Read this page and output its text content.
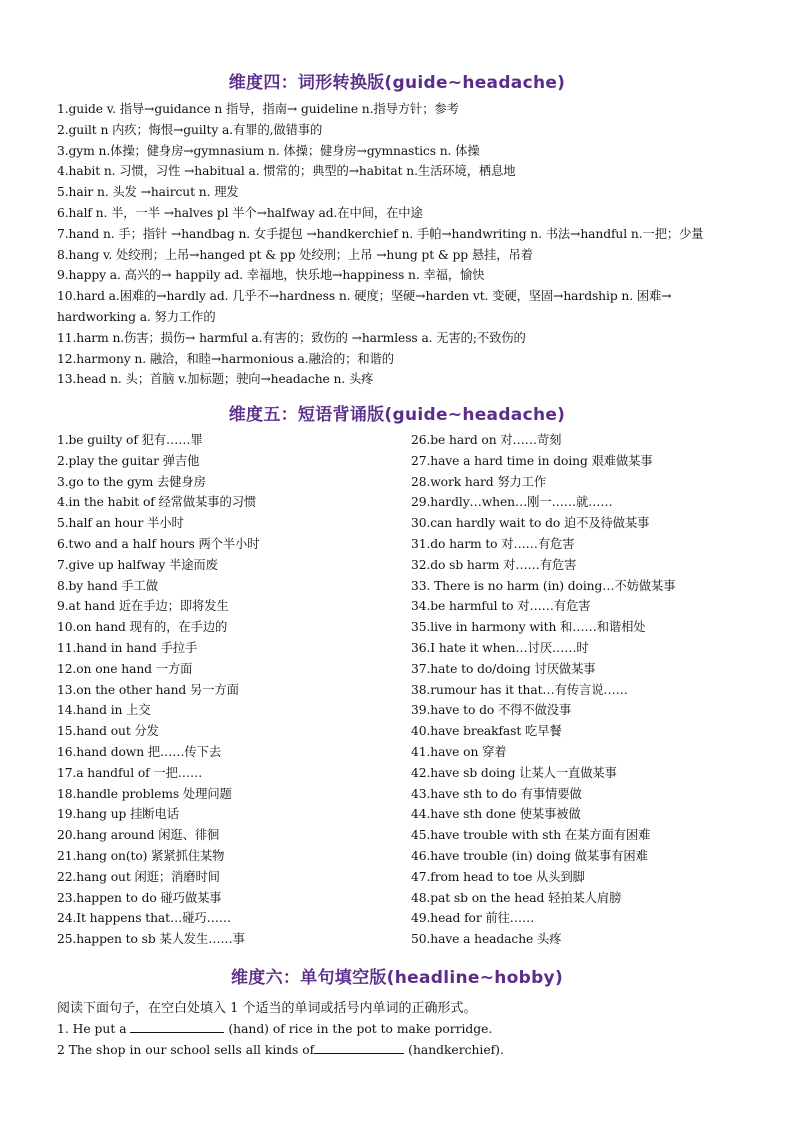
维度四：词形转换版(guide~headache)
1.guide v. 指导→guidance n 指导，指南→ guideline n.指导方针；参考
2.guilt n 内疚；悔恨→guilty a.有罪的,做错事的
3.gym n.体操；健身房→gymnasium n. 体操；健身房→gymnastics n. 体操
4.habit n. 习惯，习性 →habitual a. 惯常的；典型的→habitat n.生活环境，栖息地
5.hair n. 头发 →haircut n. 理发
6.half n. 半，一半 →halves pl 半个→halfway ad.在中间，在中途
7.hand n. 手；指针 →handbag n. 女手提包 →handkerchief n. 手帕→handwriting n. 书法→handful n.一把；少量
8.hang v. 处绞刑；上吊→hanged pt & pp 处绞刑；上吊 →hung pt & pp 悬挂，吊着
9.happy a. 高兴的→ happily ad. 幸福地，快乐地→happiness n. 幸福，愉快
10.hard a.困难的→hardly ad. 几乎不→hardness n. 硬度；坚硬→harden vt. 变硬，坚固→hardship n. 困难→
hardworking a. 努力工作的
11.harm n.伤害；损伤→ harmful a.有害的；致伤的 →harmless a. 无害的;不致伤的
12.harmony n. 融洽，和睦→harmonious a.融洽的；和谐的
13.head n. 头；首脑 v.加标题；驶向→headache n. 头疼
维度五：短语背诵版(guide~headache)
1.be guilty of 犯有……罪
2.play the guitar 弹吉他
3.go to the gym 去健身房
4.in the habit of 经常做某事的习惯
5.half an hour 半小时
6.two and a half hours 两个半小时
7.give up halfway 半途而废
8.by hand 手工做
9.at hand 近在手边；即将发生
10.on hand 现有的，在手边的
11.hand in hand 手拉手
12.on one hand 一方面
13.on the other hand 另一方面
14.hand in 上交
15.hand out 分发
16.hand down 把……传下去
17.a handful of 一把……
18.handle problems 处理问题
19.hang up 挂断电话
20.hang around 闲逛、徘徊
21.hang on(to) 紧紧抓住某物
22.hang out 闲逛；消磨时间
23.happen to do 碰巧做某事
24.It happens that…碰巧……
25.happen to sb 某人发生……事
26.be hard on 对……苛刻
27.have a hard time in doing 艰难做某事
28.work hard 努力工作
29.hardly…when…刚一……就……
30.can hardly wait to do 迫不及待做某事
31.do harm to 对……有危害
32.do sb harm 对……有危害
33. There is no harm (in) doing…不妨做某事
34.be harmful to 对……有危害
35.live in harmony with 和……和谐相处
36.I hate it when…讨厌……时
37.hate to do/doing 讨厌做某事
38.rumour has it that…有传言说……
39.have to do 不得不做没事
40.have breakfast 吃早餐
41.have on 穿着
42.have sb doing 让某人一直做某事
43.have sth to do 有事情要做
44.have sth done 使某事被做
45.have trouble with sth 在某方面有困难
46.have trouble (in) doing 做某事有困难
47.from head to toe 从头到脚
48.pat sb on the head 轻拍某人肩膀
49.head for 前往……
50.have a headache 头疼
维度六：单句填空版(headline~hobby)
阅读下面句子，在空白处填入 1 个适当的单词或括号内单词的正确形式。
1. He put a	(hand) of rice in the pot to make porridge.
2 The shop in our school sells all kinds of	(handkerchief).
